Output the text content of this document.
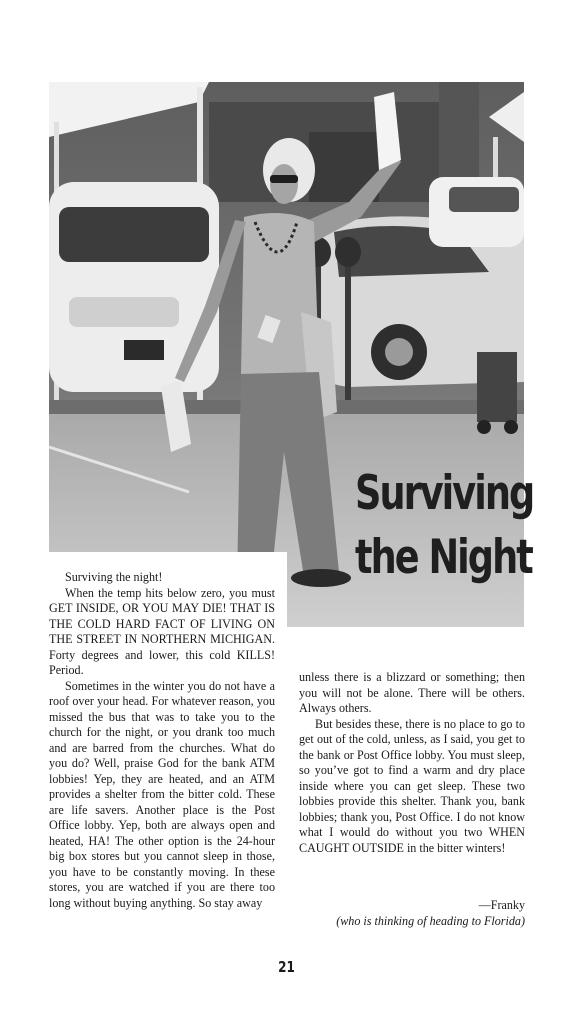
Surviving
the Night

Surviving the night!

When the temp hits below zero, you must GET INSIDE, OR YOU MAY DIE! THAT IS THE COLD HARD FACT OF LIVING ON THE STREET IN NORTHERN MICHIGAN. Forty degrees and lower, this cold KILLS! Period.

Sometimes in the winter you do not have a roof over your head. For whatever reason, you missed the bus that was to take you to the church for the night, or you drank too much and are barred from the churches. What do you do? Well, praise God for the bank ATM lobbies! Yep, they are heated, and an ATM provides a shelter from the bitter cold. These are life savers. Another place is the Post Office lobby. Yep, both are always open and heated, HA! The other option is the 24-hour big box stores but you cannot sleep in those, you have to be constantly moving. In these stores, you are watched if you are there too long without buying anything. So stay away

unless there is a blizzard or something; then you will not be alone. There will be others. Always others.

But besides these, there is no place to go to get out of the cold, unless, as I said, you get to the bank or Post Office lobby. You must sleep, so you’ve got to find a warm and dry place inside where you can get sleep. These two lobbies provide this shelter. Thank you, bank lobbies; thank you, Post Office. I do not know what I would do without you two WHEN CAUGHT OUTSIDE in the bitter winters!

—Franky
(who is thinking of heading to Florida)
21
